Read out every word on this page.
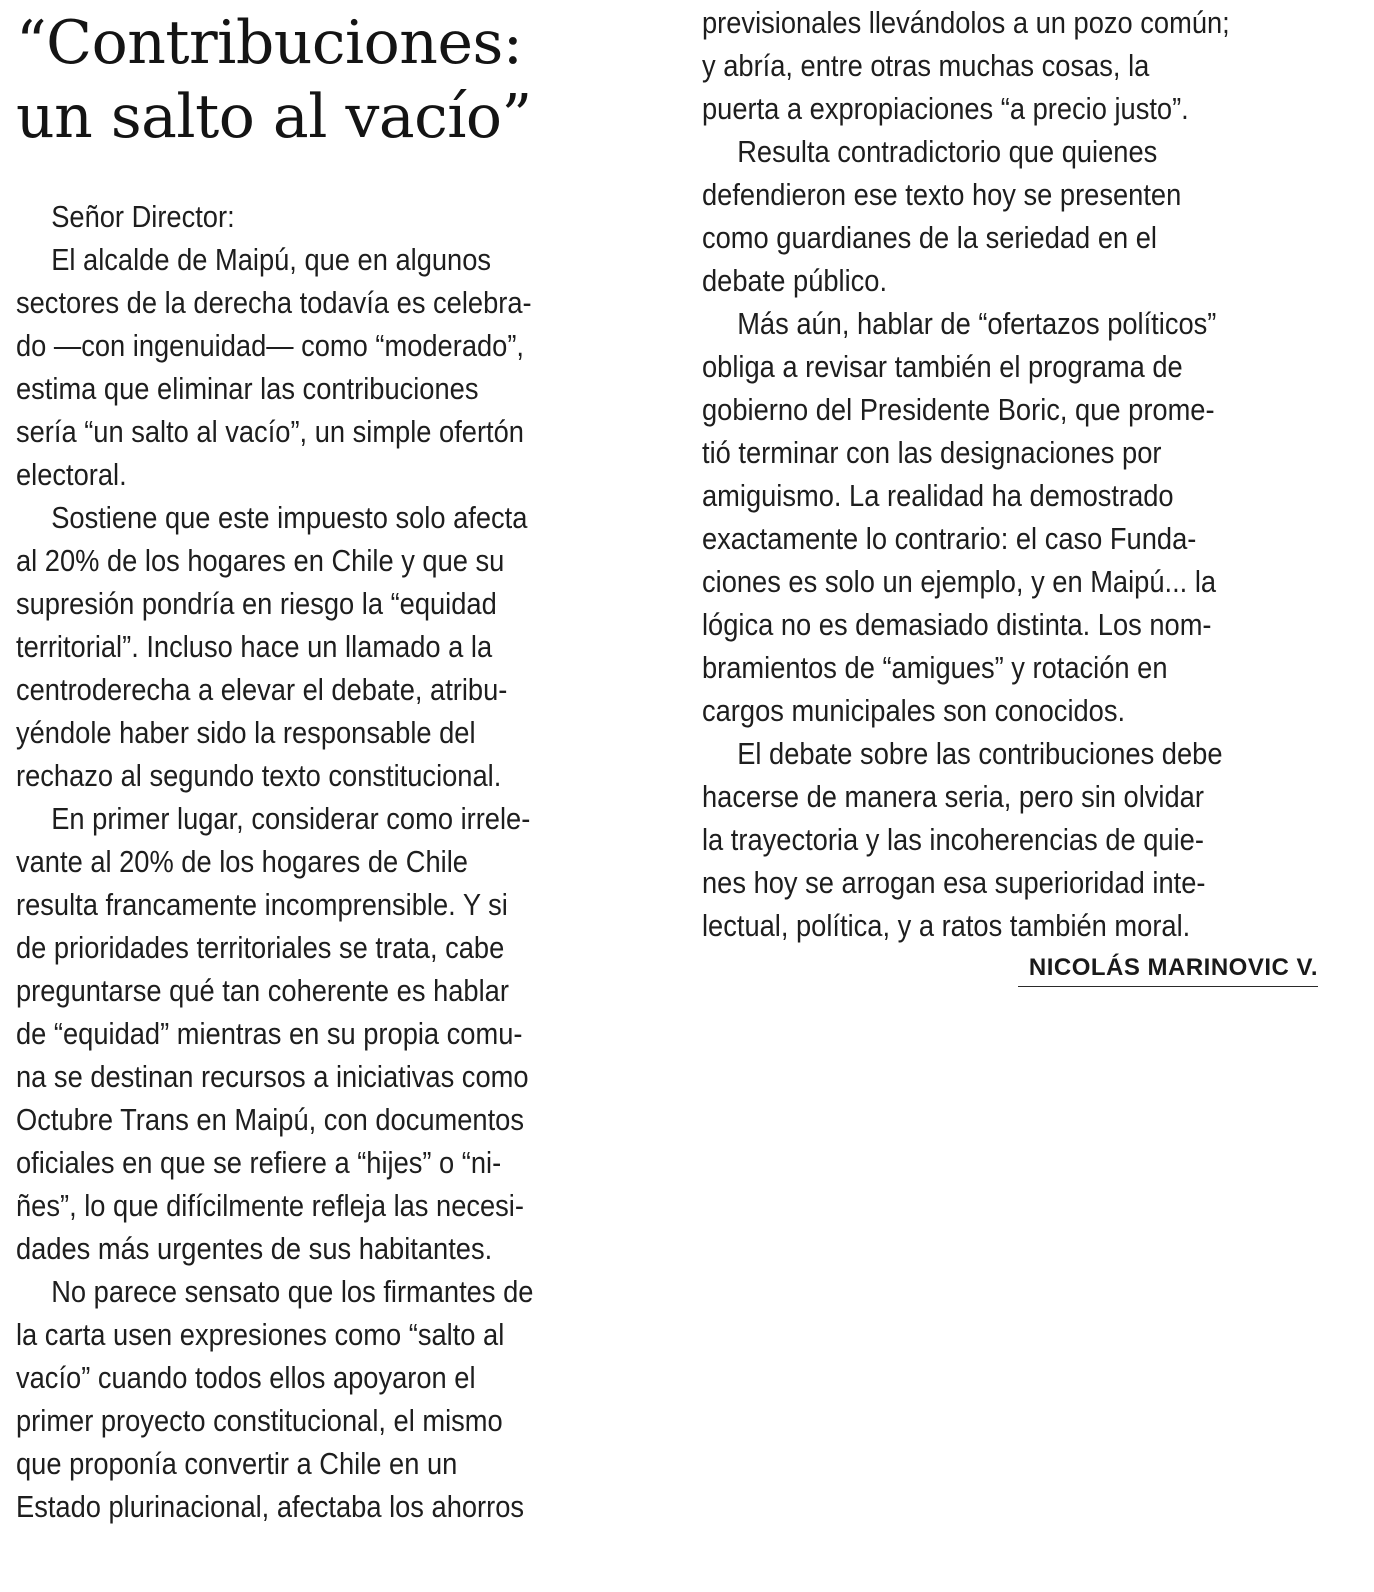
“Contribuciones:
un salto al vacío”
Señor Director:
El alcalde de Maipú, que en algunos
sectores de la derecha todavía es celebra-
do —con ingenuidad— como “moderado”,
estima que eliminar las contribuciones
sería “un salto al vacío”, un simple ofertón
electoral.
Sostiene que este impuesto solo afecta
al 20% de los hogares en Chile y que su
supresión pondría en riesgo la “equidad
territorial”. Incluso hace un llamado a la
centroderecha a elevar el debate, atribu-
yéndole haber sido la responsable del
rechazo al segundo texto constitucional.
En primer lugar, considerar como irrele-
vante al 20% de los hogares de Chile
resulta francamente incomprensible. Y si
de prioridades territoriales se trata, cabe
preguntarse qué tan coherente es hablar
de “equidad” mientras en su propia comu-
na se destinan recursos a iniciativas como
Octubre Trans en Maipú, con documentos
oficiales en que se refiere a “hijes” o “ni-
ñes”, lo que difícilmente refleja las necesi-
dades más urgentes de sus habitantes.
No parece sensato que los firmantes de
la carta usen expresiones como “salto al
vacío” cuando todos ellos apoyaron el
primer proyecto constitucional, el mismo
que proponía convertir a Chile en un
Estado plurinacional, afectaba los ahorros
previsionales llevándolos a un pozo común;
y abría, entre otras muchas cosas, la
puerta a expropiaciones “a precio justo”.
Resulta contradictorio que quienes
defendieron ese texto hoy se presenten
como guardianes de la seriedad en el
debate público.
Más aún, hablar de “ofertazos políticos”
obliga a revisar también el programa de
gobierno del Presidente Boric, que prome-
tió terminar con las designaciones por
amiguismo. La realidad ha demostrado
exactamente lo contrario: el caso Funda-
ciones es solo un ejemplo, y en Maipú... la
lógica no es demasiado distinta. Los nom-
bramientos de “amigues” y rotación en
cargos municipales son conocidos.
El debate sobre las contribuciones debe
hacerse de manera seria, pero sin olvidar
la trayectoria y las incoherencias de quie-
nes hoy se arrogan esa superioridad inte-
lectual, política, y a ratos también moral.
NICOLÁS MARINOVIC V.
